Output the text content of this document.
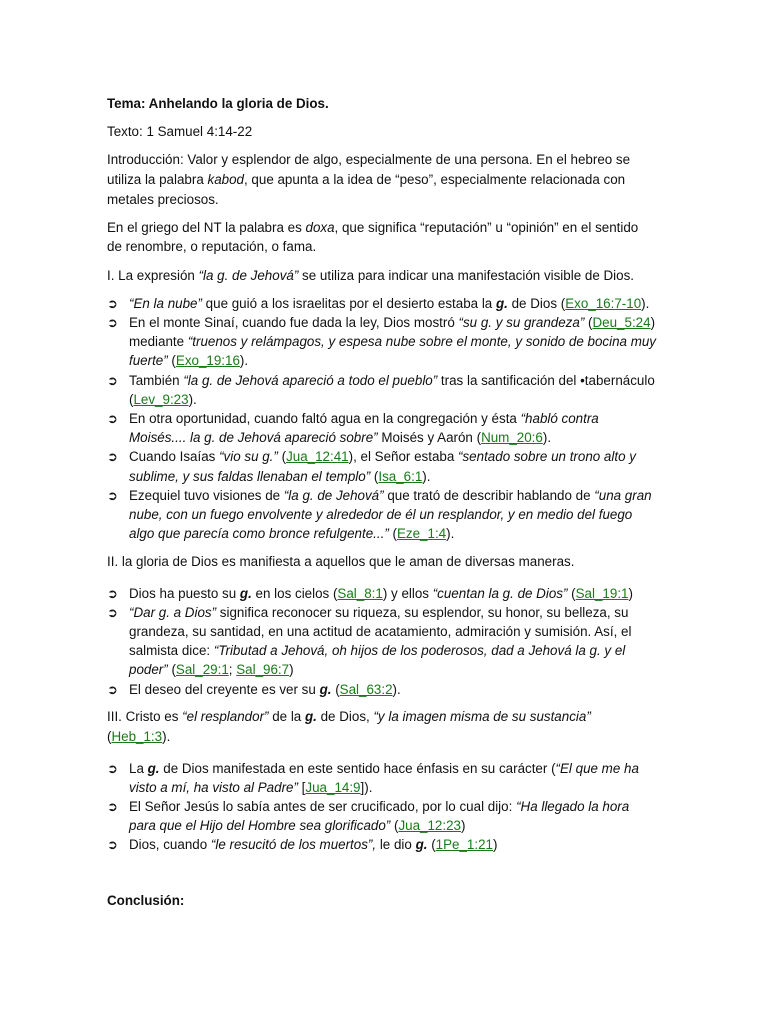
Tema: Anhelando la gloria de Dios.

Texto: 1 Samuel 4:14-22

Introducción: Valor y esplendor de algo, especialmente de una persona. En el hebreo se utiliza la palabra kabod, que apunta a la idea de “peso”, especialmente relacionada con metales preciosos.

En el griego del NT la palabra es doxa, que significa “reputación” u “opinión” en el sentido de renombre, o reputación, o fama.

I. La expresión “la g. de Jehová” se utiliza para indicar una manifestación visible de Dios.

➲ “En la nube” que guió a los israelitas por el desierto estaba la g. de Dios (Exo_16:7-10).
➲ En el monte Sinaí, cuando fue dada la ley, Dios mostró “su g. y su grandeza” (Deu_5:24) mediante “truenos y relámpagos, y espesa nube sobre el monte, y sonido de bocina muy fuerte” (Exo_19:16).
➲ También “la g. de Jehová apareció a todo el pueblo” tras la santificación del •tabernáculo (Lev_9:23).
➲ En otra oportunidad, cuando faltó agua en la congregación y ésta “habló contra Moisés.... la g. de Jehová apareció sobre” Moisés y Aarón (Num_20:6).
➲ Cuando Isaías “vio su g.” (Jua_12:41), el Señor estaba “sentado sobre un trono alto y sublime, y sus faldas llenaban el templo” (Isa_6:1).
➲ Ezequiel tuvo visiones de “la g. de Jehová” que trató de describir hablando de “una gran nube, con un fuego envolvente y alrededor de él un resplandor, y en medio del fuego algo que parecía como bronce refulgente...” (Eze_1:4).

II. la gloria de Dios es manifiesta a aquellos que le aman de diversas maneras.

➲ Dios ha puesto su g. en los cielos (Sal_8:1) y ellos “cuentan la g. de Dios” (Sal_19:1)
➲ “Dar g. a Dios” significa reconocer su riqueza, su esplendor, su honor, su belleza, su grandeza, su santidad, en una actitud de acatamiento, admiración y sumisión. Así, el salmista dice: “Tributad a Jehová, oh hijos de los poderosos, dad a Jehová la g. y el poder” (Sal_29:1; Sal_96:7)
➲ El deseo del creyente es ver su g. (Sal_63:2).

III. Cristo es “el resplandor” de la g. de Dios, “y la imagen misma de su sustancia” (Heb_1:3).

➲ La g. de Dios manifestada en este sentido hace énfasis en su carácter (“El que me ha visto a mí, ha visto al Padre” [Jua_14:9]).
➲ El Señor Jesús lo sabía antes de ser crucificado, por lo cual dijo: “Ha llegado la hora para que el Hijo del Hombre sea glorificado” (Jua_12:23)
➲ Dios, cuando “le resucitó de los muertos”, le dio g. (1Pe_1:21)

Conclusión:
